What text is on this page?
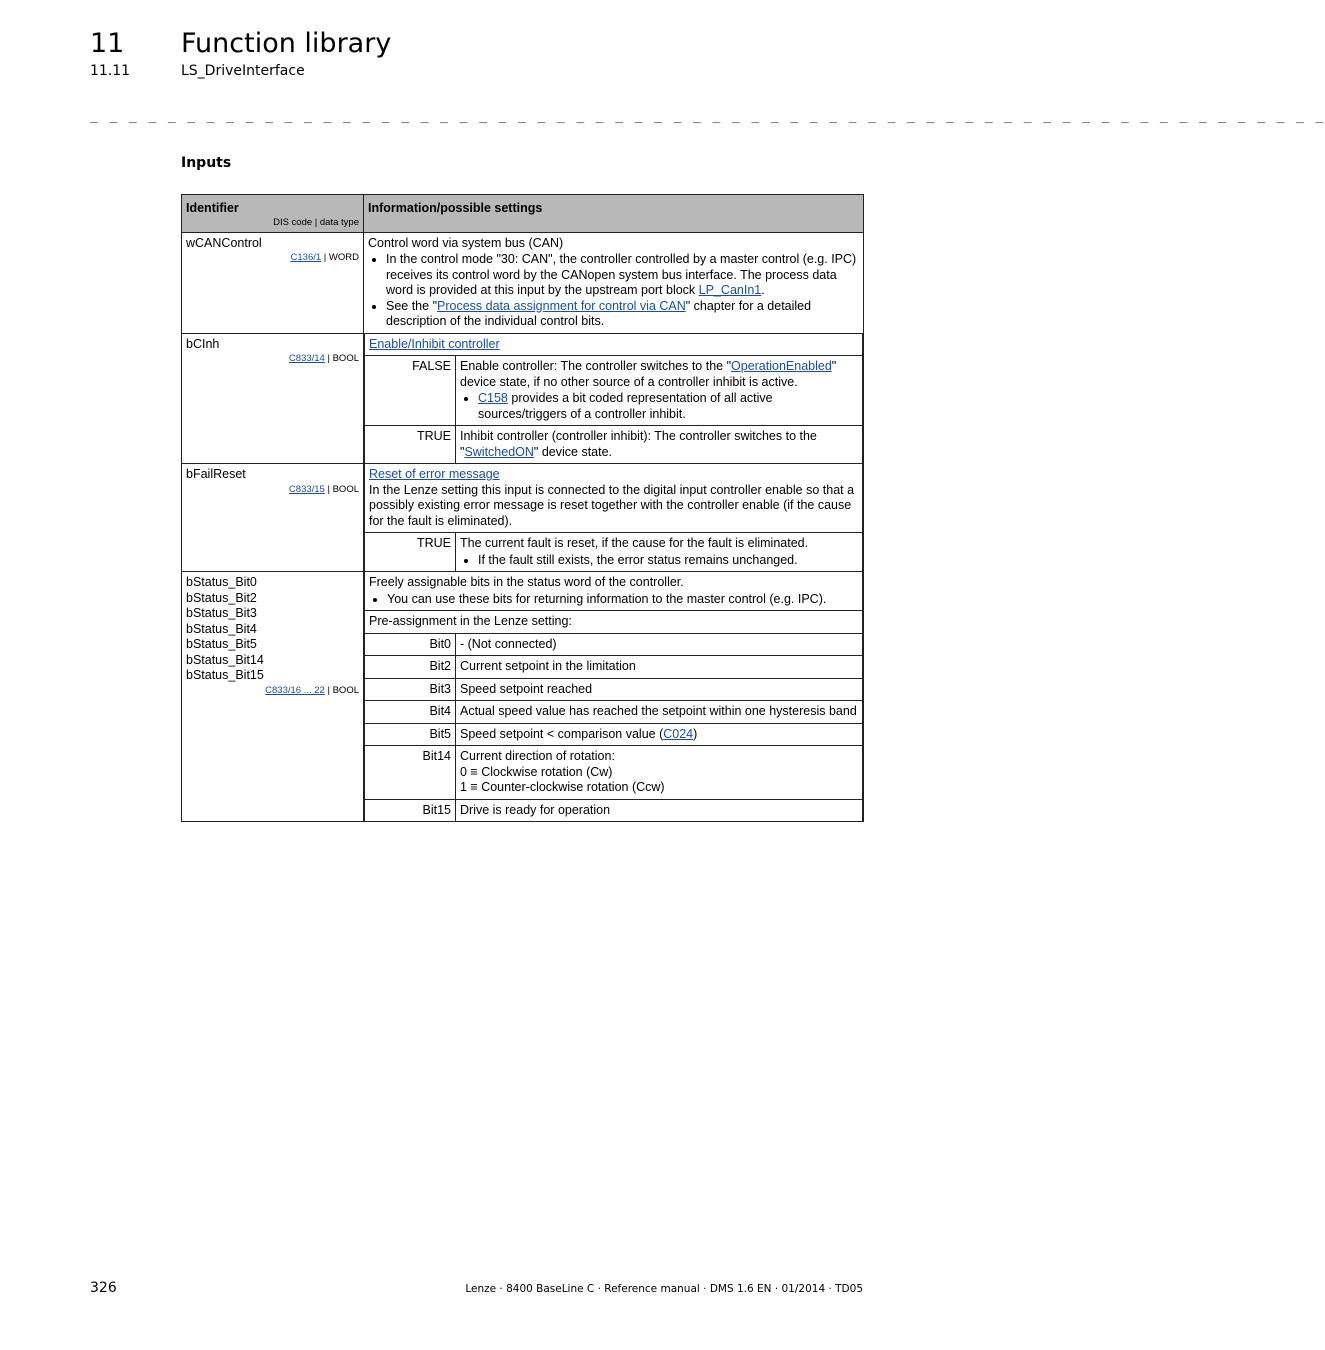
11 Function library
11.11	LS_DriveInterface
_ _ _ _ _ _ _ _ _ _ _ _ _ _ _ _ _ _ _ _ _ _ _ _ _ _ _ _ _ _ _ _ _ _ _ _ _ _ _ _ _ _ _ _ _ _ _ _ _ _ _ _ _ _ _ _ _ _ _ _ _ _ _ _
Inputs
Identifier
DIS code | data type
	Information/possible settings

wCANControl
C136/1 | WORD

Control word via system bus (CAN)
• In the control mode "30: CAN", the controller controlled by a master control (e.g. IPC) receives its control word by the CANopen system bus interface. The process data word is provided at this input by the upstream port block LP_CanIn1.
• See the "Process data assignment for control via CAN" chapter for a detailed description of the individual control bits.

bCInh
C833/14 | BOOL

Enable/Inhibit controller
FALSE	Enable controller: The controller switches to the "OperationEnabled" device state, if no other source of a controller inhibit is active.
• C158 provides a bit coded representation of all active sources/triggers of a controller inhibit.

TRUE	Inhibit controller (controller inhibit): The controller switches to the "SwitchedON" device state.

bFailReset
C833/15 | BOOL

Reset of error message
In the Lenze setting this input is connected to the digital input controller enable so that a possibly existing error message is reset together with the controller enable (if the cause for the fault is eliminated).

TRUE	The current fault is reset, if the cause for the fault is eliminated.
• If the fault still exists, the error status remains unchanged.

bStatus_Bit0
bStatus_Bit2
bStatus_Bit3
bStatus_Bit4
bStatus_Bit5
bStatus_Bit14
bStatus_Bit15
C833/16 ... 22 | BOOL

Freely assignable bits in the status word of the controller.
• You can use these bits for returning information to the master control (e.g. IPC).

Pre-assignment in the Lenze setting:
Bit0	- (Not connected)
Bit2	Current setpoint in the limitation
Bit3	Speed setpoint reached
Bit4	Actual speed value has reached the setpoint within one hysteresis band
Bit5	Speed setpoint < comparison value (C024)
Bit14	Current direction of rotation:
0 ≡ Clockwise rotation (Cw)
1 ≡ Counter-clockwise rotation (Ccw)

Bit15	Drive is ready for operation
326	Lenze · 8400 BaseLine C · Reference manual · DMS 1.6 EN · 01/2014 · TD05
